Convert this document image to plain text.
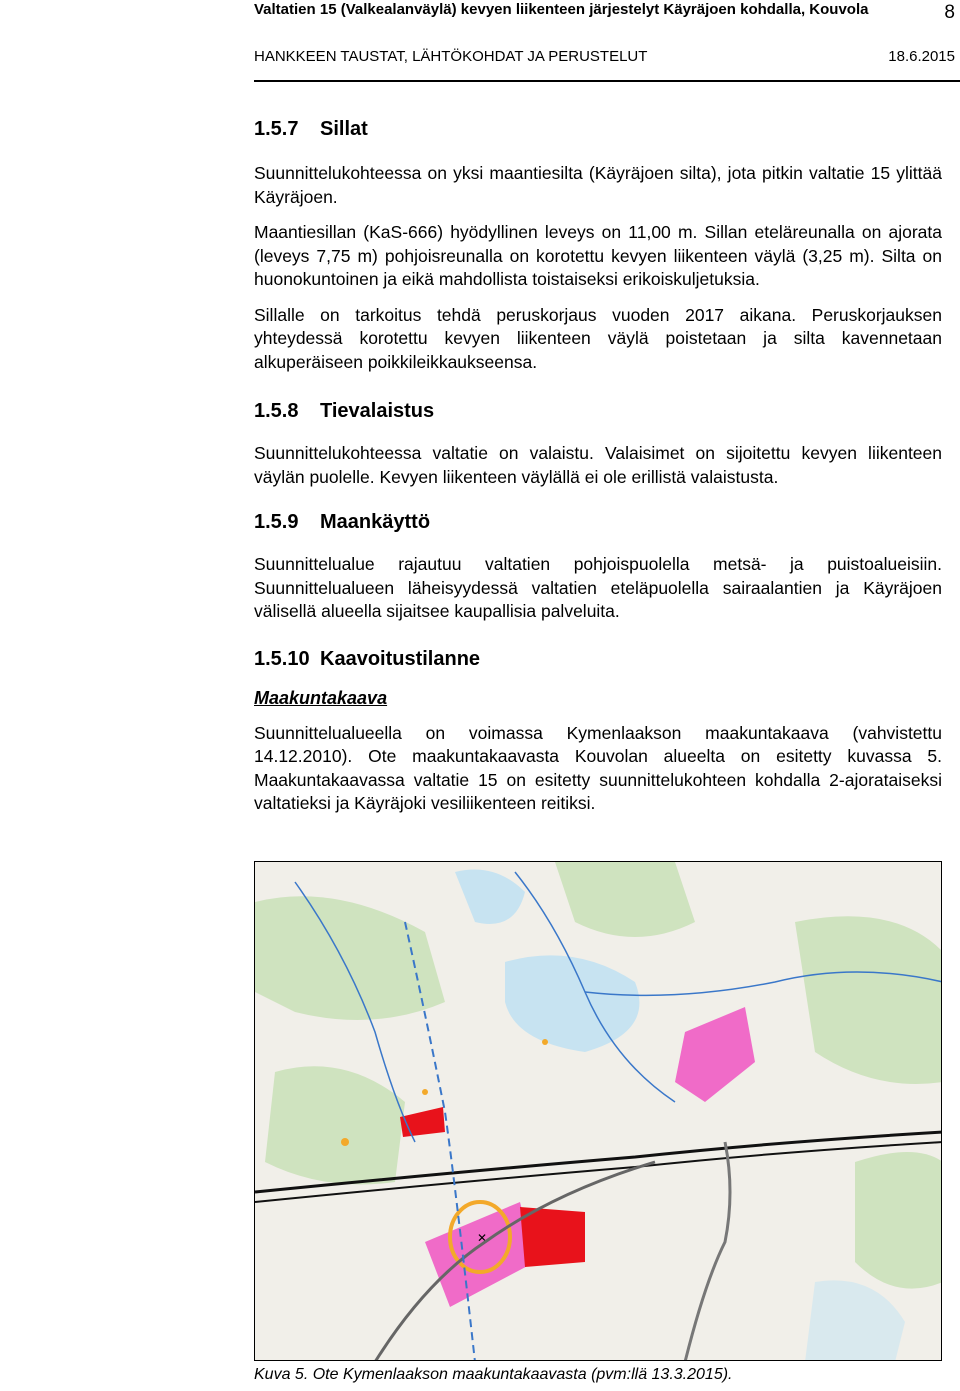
Valtatien 15 (Valkealanväylä) kevyen liikenteen järjestelyt Käyräjoen kohdalla, Kouvola	8
HANKKEEN TAUSTAT, LÄHTÖKOHDAT JA PERUSTELUT	18.6.2015
1.5.7 Sillat

Suunnittelukohteessa on yksi maantiesilta (Käyräjoen silta), jota pitkin valtatie 15 ylittää Käyräjoen.

Maantiesillan (KaS-666) hyödyllinen leveys on 11,00 m. Sillan eteläreunalla on ajorata (leveys 7,75 m) pohjoisreunalla on korotettu kevyen liikenteen väylä (3,25 m). Silta on huonokuntoinen ja eikä mahdollista toistaiseksi erikoiskuljetuksia.

Sillalle on tarkoitus tehdä peruskorjaus vuoden 2017 aikana. Peruskorjauksen yhteydessä korotettu kevyen liikenteen väylä poistetaan ja silta kavennetaan alkuperäiseen poikkileikkaukseensa.

1.5.8 Tievalaistus

Suunnittelukohteessa valtatie on valaistu. Valaisimet on sijoitettu kevyen liikenteen väylän puolelle. Kevyen liikenteen väylällä ei ole erillistä valaistusta.

1.5.9 Maankäyttö

Suunnittelualue rajautuu valtatien pohjoispuolella metsä- ja puistoalueisiin. Suunnittelualueen läheisyydessä valtatien eteläpuolella sairaalantien ja Käyräjoen välisellä alueella sijaitsee kaupallisia palveluita.

1.5.10 Kaavoitustilanne
Maakuntakaava

Suunnittelualueella on voimassa Kymenlaakson maakuntakaava (vahvistettu 14.12.2010). Ote maakuntakaavasta Kouvolan alueelta on esitetty kuvassa 5. Maakuntakaavassa valtatie 15 on esitetty suunnittelukohteen kohdalla 2-ajorataiseksi valtatieksi ja Käyräjoki vesiliikenteen reitiksi.

✕
Kuva 5. Ote Kymenlaakson maakuntakaavasta (pvm:llä 13.3.2015).
